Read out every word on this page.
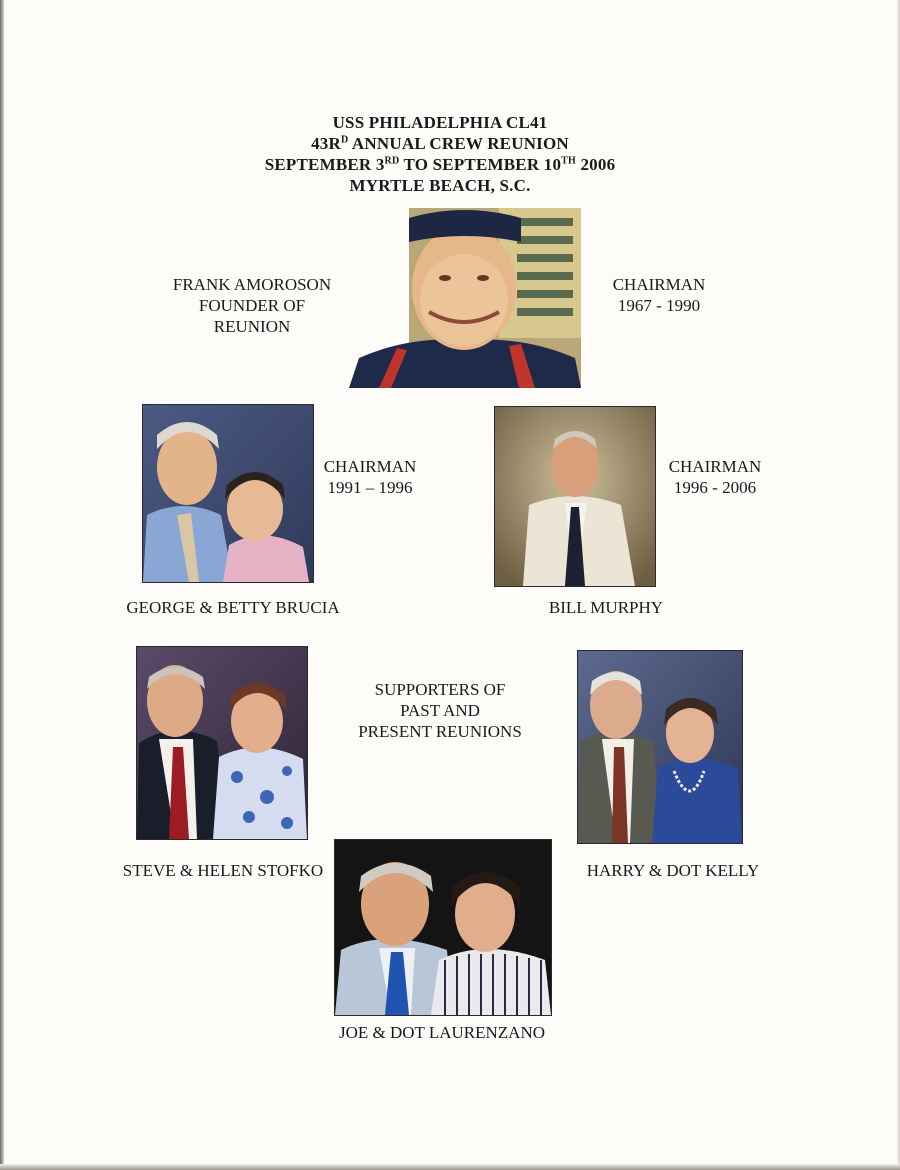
USS PHILADELPHIA CL41
$43R^D$ ANNUAL CREW REUNION
SEPTEMBER 3RD TO SEPTEMBER 10TH 2006
MYRTLE BEACH, S.C.
FRANK AMOROSON
FOUNDER OF
REUNION
CHAIRMAN
1967 - 1990
CHAIRMAN
1991 – 1996
GEORGE & BETTY BRUCIA
CHAIRMAN
1996 - 2006
BILL MURPHY
SUPPORTERS OF
PAST AND
PRESENT REUNIONS
STEVE & HELEN STOFKO	HARRY & DOT KELLY
JOE & DOT LAURENZANO
